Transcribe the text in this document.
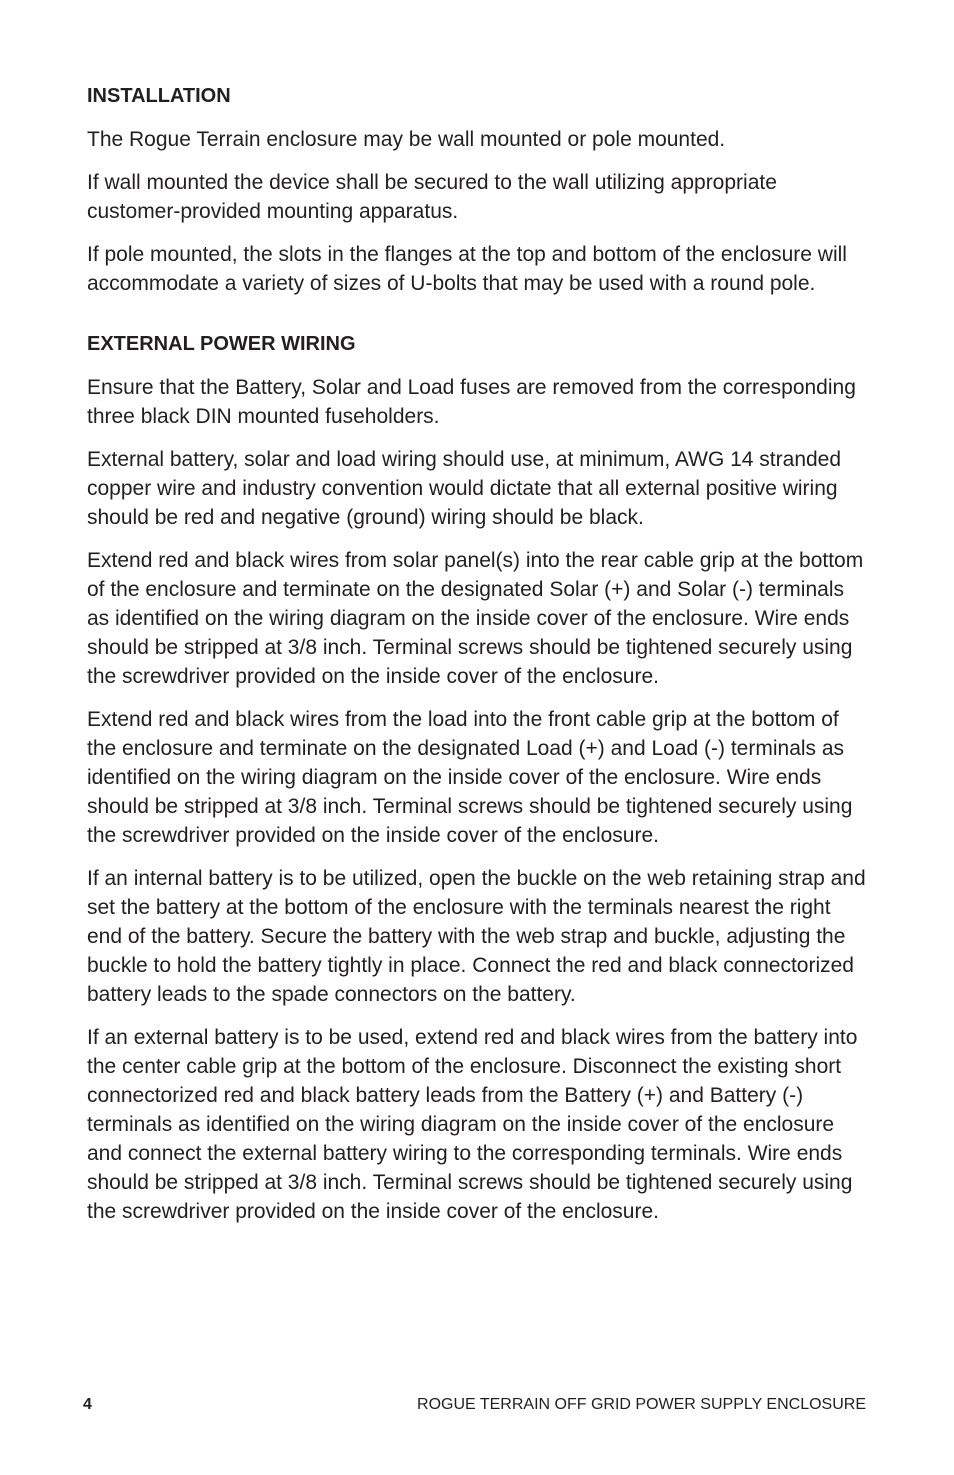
INSTALLATION

The Rogue Terrain enclosure may be wall mounted or pole mounted.

If wall mounted the device shall be secured to the wall utilizing appropriate customer-provided mounting apparatus.

If pole mounted, the slots in the flanges at the top and bottom of the enclosure will accommodate a variety of sizes of U-bolts that may be used with a round pole.

EXTERNAL POWER WIRING

Ensure that the Battery, Solar and Load fuses are removed from the corresponding three black DIN mounted fuseholders.

External battery, solar and load wiring should use, at minimum, AWG 14 stranded copper wire and industry convention would dictate that all external positive wiring should be red and negative (ground) wiring should be black.

Extend red and black wires from solar panel(s) into the rear cable grip at the bottom of the enclosure and terminate on the designated Solar (+) and Solar (-) terminals as identified on the wiring diagram on the inside cover of the enclosure. Wire ends should be stripped at 3/8 inch. Terminal screws should be tightened securely using the screwdriver provided on the inside cover of the enclosure.

Extend red and black wires from the load into the front cable grip at the bottom of the enclosure and terminate on the designated Load (+) and Load (-) terminals as identified on the wiring diagram on the inside cover of the enclosure. Wire ends should be stripped at 3/8 inch. Terminal screws should be tightened securely using the screwdriver provided on the inside cover of the enclosure.

If an internal battery is to be utilized, open the buckle on the web retaining strap and set the battery at the bottom of the enclosure with the terminals nearest the right end of the battery. Secure the battery with the web strap and buckle, adjusting the buckle to hold the battery tightly in place. Connect the red and black connectorized battery leads to the spade connectors on the battery.

If an external battery is to be used, extend red and black wires from the battery into the center cable grip at the bottom of the enclosure. Disconnect the existing short connectorized red and black battery leads from the Battery (+) and Battery (-) terminals as identified on the wiring diagram on the inside cover of the enclosure and connect the external battery wiring to the corresponding terminals. Wire ends should be stripped at 3/8 inch. Terminal screws should be tightened securely using the screwdriver provided on the inside cover of the enclosure.

4	ROGUE TERRAIN OFF GRID POWER SUPPLY ENCLOSURE
